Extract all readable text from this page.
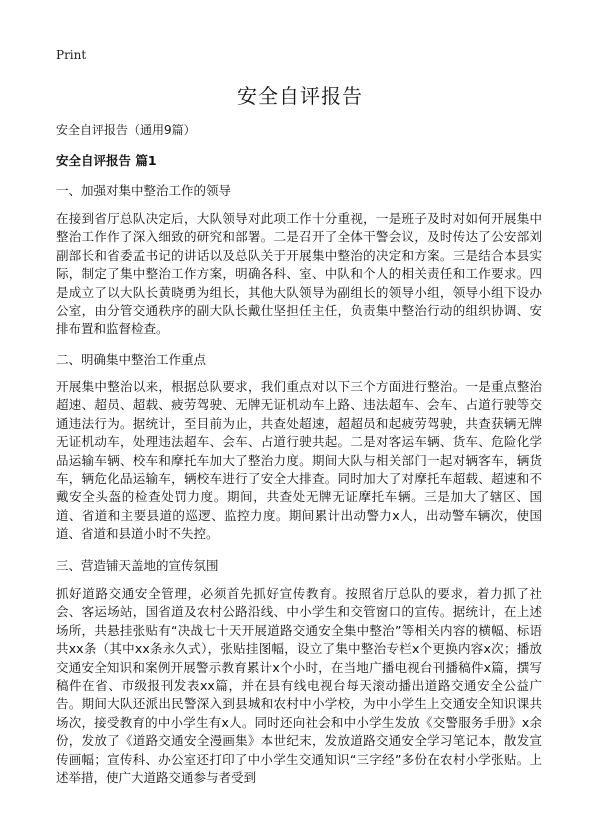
Print
安全自评报告
安全自评报告（通用9篇）
安全自评报告 篇1
一、加强对集中整治工作的领导

在接到省厅总队决定后，大队领导对此项工作十分重视，一是班子及时对如何开展集中整治工作作了深入细致的研究和部署。二是召开了全体干警会议，及时传达了公安部刘副部长和省委孟书记的讲话以及总队关于开展集中整治的决定和方案。三是结合本县实际，制定了集中整治工作方案，明确各科、室、中队和个人的相关责任和工作要求。四是成立了以大队长黄晓勇为组长，其他大队领导为副组长的领导小组，领导小组下设办公室，由分管交通秩序的副大队长戴仕坚担任主任，负责集中整治行动的组织协调、安排布置和监督检查。

二、明确集中整治工作重点

开展集中整治以来，根据总队要求，我们重点对以下三个方面进行整治。一是重点整治超速、超员、超载、疲劳驾驶、无牌无证机动车上路、违法超车、会车、占道行驶等交通违法行为。据统计，至目前为止，共查处超速，超超员和起疲劳驾驶，共查获辆无牌无证机动车，处理违法超车、会车、占道行驶共起。二是对客运车辆、货车、危险化学品运输车辆、校车和摩托车加大了整治力度。期间大队与相关部门一起对辆客车，辆货车，辆危化品运输车，辆校车进行了安全大排查。同时加大了对摩托车超载、超速和不戴安全头盔的检查处罚力度。期间，共查处无牌无证摩托车辆。三是加大了辖区、国道、省道和主要县道的巡逻、监控力度。期间累计出动警力x人，出动警车辆次，使国道、省道和县道小时不失控。

三、营造铺天盖地的宣传氛围

抓好道路交通安全管理，必须首先抓好宣传教育。按照省厅总队的要求，着力抓了社会、客运场站，国省道及农村公路沿线、中小学生和交管窗口的宣传。据统计，在上述场所，共悬挂张贴有“决战七十天开展道路交通安全集中整治”等相关内容的横幅、标语共xx条（其中xx条永久式），张贴挂图幅，设立了集中整治专栏x个更换内容x次；播放交通安全知识和案例开展警示教育累计x个小时，在当地广播电视台刊播稿件x篇，撰写稿件在省、市级报刊发表xx篇，并在县有线电视台每天滚动播出道路交通安全公益广告。期间大队还派出民警深入到县城和农村中小学校，为中小学生上交通安全知识课共场次，接受教育的中小学生有x人。同时还向社会和中小学生发放《交警服务手册》x余份，发放了《道路交通安全漫画集》本世纪末，发放道路交通安全学习笔记本，散发宣传画幅；宣传科、办公室还打印了中小学生交通知识“三字经”多份在农村小学张贴。上述举措，使广大道路交通参与者受到
